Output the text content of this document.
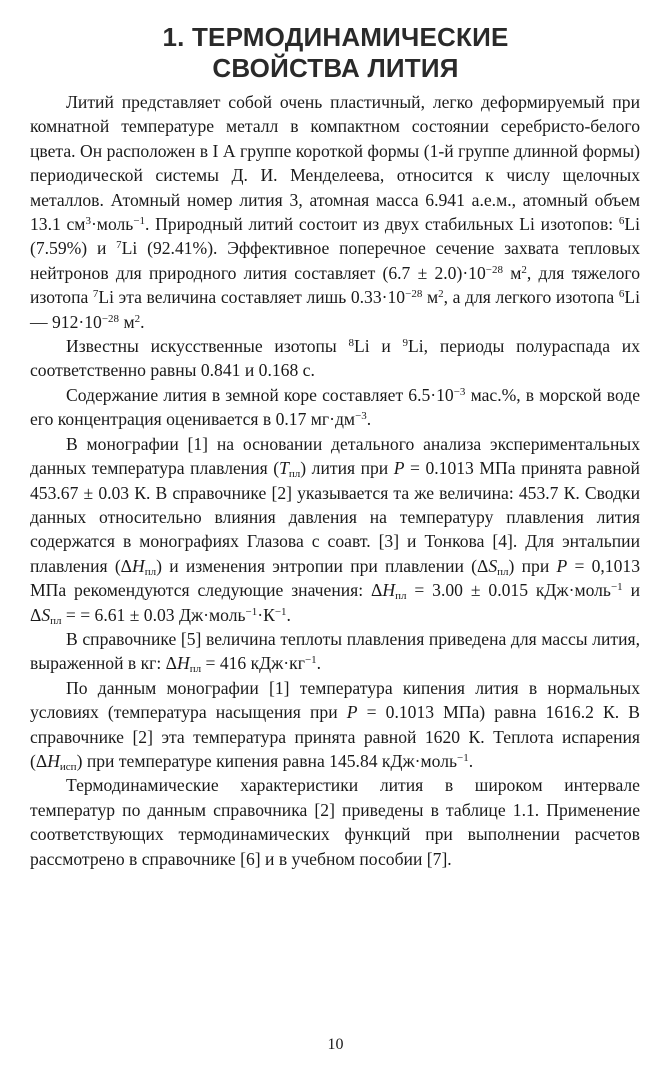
1. ТЕРМОДИНАМИЧЕСКИЕ
СВОЙСТВА ЛИТИЯ

Литий представляет собой очень пластичный, легко деформируемый при комнатной температуре металл в компактном состоянии серебристо-белого цвета. Он расположен в I А группе короткой формы (1-й группе длинной формы) периодической системы Д. И. Менделеева, относится к числу щелочных металлов. Атомный номер лития 3, атомная масса 6.941 а.е.м., атомный объем 13.1 $см^3\cdot моль^{-1}$. Природный литий состоит из двух стабильных Li изотопов: $^6$Li (7.59%) и $^7$Li (92.41%). Эффективное поперечное сечение захвата тепловых нейтронов для природного лития составляет $(6.7 \pm 2.0)\cdot 10^{-28}$ $м^2$, для тяжелого изотопа $^7$Li эта величина составляет лишь $0.33\cdot 10^{-28}$ $м^2$, а для легкого изотопа $^6$Li — $912\cdot 10^{-28}$ $м^2$.

Известны искусственные изотопы $^8$Li и $^9$Li, периоды полураспада их соответственно равны 0.841 и 0.168 с.

Содержание лития в земной коре составляет $6.5\cdot 10^{-3}$ мас.%, в морской воде его концентрация оценивается в 0.17 $мг\cdot дм^{-3}$.

В монографии [1] на основании детального анализа экспериментальных данных температура плавления $(T_{пл})$ лития при P = 0.1013 МПа принята равной 453.67 ± 0.03 К. В справочнике [2] указывается та же величина: 453.7 К. Сводки данных относительно влияния давления на температуру плавления лития содержатся в монографиях Глазова с соавт. [3] и Тонкова [4]. Для энтальпии плавления $(\Delta H_{пл})$ и изменения энтропии при плавлении $(\Delta S_{пл})$ при P = 0,1013 МПа рекомендуются следующие значения: $\Delta H_{пл} = 3.00 \pm 0.015$ кДж·моль$^{-1}$ и $\Delta S_{пл}$ = = 6.61 ± 0.03 $Дж\cdot моль^{-1}\cdot К^{-1}$.

В справочнике [5] величина теплоты плавления приведена для массы лития, выраженной в кг: $\Delta H_{пл} = 416$ $кДж\cdot кг^{-1}$.

По данным монографии [1] температура кипения лития в нормальных условиях (температура насыщения при P = 0.1013 МПа) равна 1616.2 К. В справочнике [2] эта температура принята равной 1620 К. Теплота испарения $(\Delta H_{исп})$ при температуре кипения равна 145.84 кДж·моль$^{-1}$.

Термодинамические характеристики лития в широком интервале температур по данным справочника [2] приведены в таблице 1.1. Применение соответствующих термодинамических функций при выполнении расчетов рассмотрено в справочнике [6] и в учебном пособии [7].

10
